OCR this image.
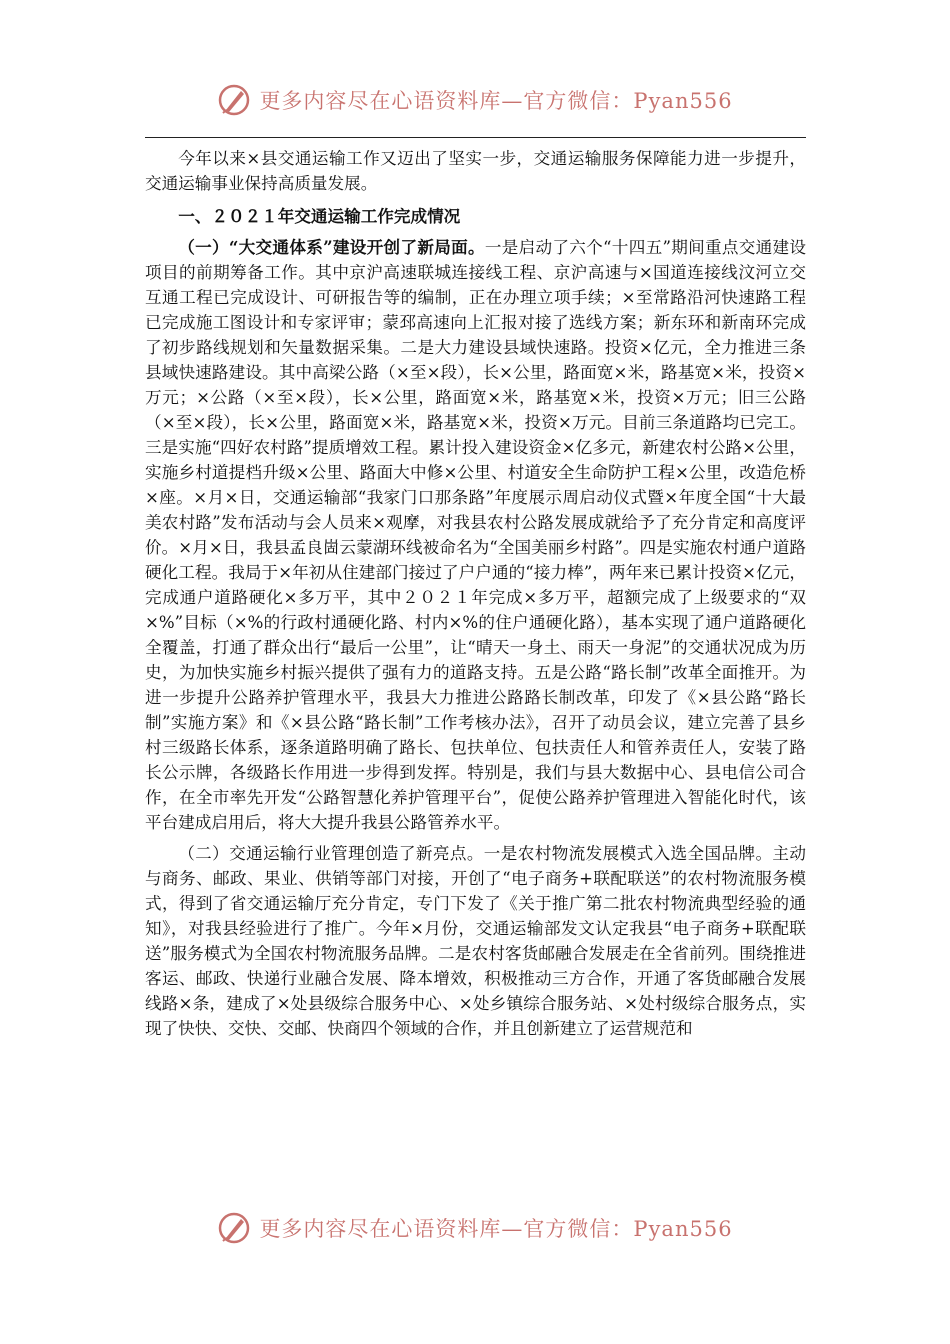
更多内容尽在心语资料库—官方微信：Pyan556

今年以来×县交通运输工作又迈出了坚实一步，交通运输服务保障能力进一步提升，交通运输事业保持高质量发展。

一、２０２１年交通运输工作完成情况

（一）“大交通体系”建设开创了新局面。一是启动了六个“十四五”期间重点交通建设项目的前期筹备工作。其中京沪高速联城连接线工程、京沪高速与×国道连接线汶河立交互通工程已完成设计、可研报告等的编制，正在办理立项手续；×至常路沿河快速路工程已完成施工图设计和专家评审；蒙邳高速向上汇报对接了选线方案；新东环和新南环完成了初步路线规划和矢量数据采集。二是大力建设县域快速路。投资×亿元，全力推进三条县域快速路建设。其中高梁公路（×至×段），长×公里，路面宽×米，路基宽×米，投资×万元；×公路（×至×段），长×公里，路面宽×米，路基宽×米，投资×万元；旧三公路（×至×段），长×公里，路面宽×米，路基宽×米，投资×万元。目前三条道路均已完工。三是实施“四好农村路”提质增效工程。累计投入建设资金×亿多元，新建农村公路×公里，实施乡村道提档升级×公里、路面大中修×公里、村道安全生命防护工程×公里，改造危桥×座。×月×日，交通运输部“我家门口那条路”年度展示周启动仪式暨×年度全国“十大最美农村路”发布活动与会人员来×观摩，对我县农村公路发展成就给予了充分肯定和高度评价。×月×日，我县孟良崮云蒙湖环线被命名为“全国美丽乡村路”。四是实施农村通户道路硬化工程。我局于×年初从住建部门接过了户户通的“接力棒”，两年来已累计投资×亿元，完成通户道路硬化×多万平，其中２０２１年完成×多万平，超额完成了上级要求的“双×%”目标（×%的行政村通硬化路、村内×%的住户通硬化路），基本实现了通户道路硬化全覆盖，打通了群众出行“最后一公里”，让“晴天一身土、雨天一身泥”的交通状况成为历史，为加快实施乡村振兴提供了强有力的道路支持。五是公路“路长制”改革全面推开。为进一步提升公路养护管理水平，我县大力推进公路路长制改革，印发了《×县公路“路长制”实施方案》和《×县公路“路长制”工作考核办法》，召开了动员会议，建立完善了县乡村三级路长体系，逐条道路明确了路长、包扶单位、包扶责任人和管养责任人，安装了路长公示牌，各级路长作用进一步得到发挥。特别是，我们与县大数据中心、县电信公司合作，在全市率先开发“公路智慧化养护管理平台”，促使公路养护管理进入智能化时代，该平台建成启用后，将大大提升我县公路管养水平。

（二）交通运输行业管理创造了新亮点。一是农村物流发展模式入选全国品牌。主动与商务、邮政、果业、供销等部门对接，开创了“电子商务+联配联送”的农村物流服务模式，得到了省交通运输厅充分肯定，专门下发了《关于推广第二批农村物流典型经验的通知》，对我县经验进行了推广。今年×月份，交通运输部发文认定我县“电子商务+联配联送”服务模式为全国农村物流服务品牌。二是农村客货邮融合发展走在全省前列。围绕推进客运、邮政、快递行业融合发展、降本增效，积极推动三方合作，开通了客货邮融合发展线路×条，建成了×处县级综合服务中心、×处乡镇综合服务站、×处村级综合服务点，实现了快快、交快、交邮、快商四个领域的合作，并且创新建立了运营规范和

更多内容尽在心语资料库—官方微信：Pyan556
